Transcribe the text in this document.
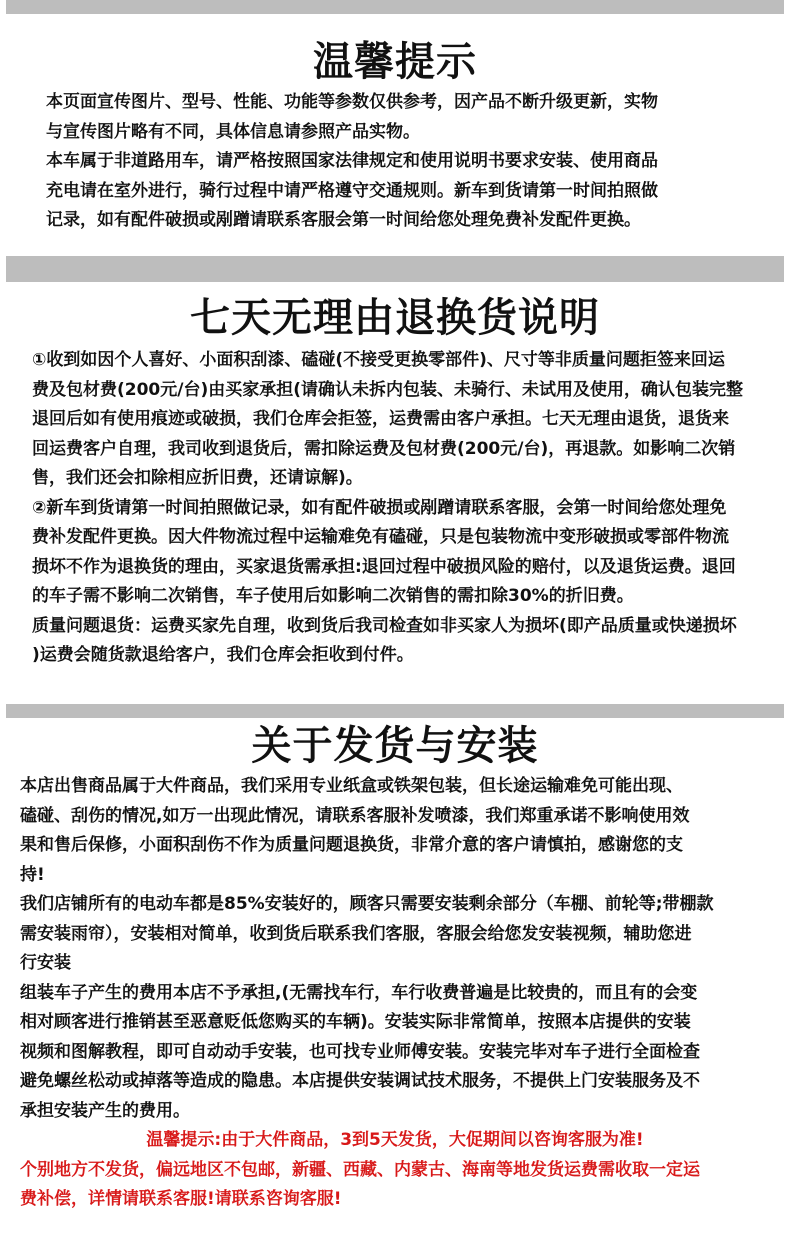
温馨提示

本页面宣传图片、型号、性能、功能等参数仅供参考，因产品不断升级更新，实物
与宣传图片略有不同，具体信息请参照产品实物。

本车属于非道路用车，请严格按照国家法律规定和使用说明书要求安装、使用商品
充电请在室外进行，骑行过程中请严格遵守交通规则。新车到货请第一时间拍照做
记录，如有配件破损或剐蹭请联系客服会第一时间给您处理免费补发配件更换。

七天无理由退换货说明

①收到如因个人喜好、小面积刮漆、磕碰(不接受更换零部件)、尺寸等非质量问题拒签来回运
费及包材费(200元/台)由买家承担(请确认未拆内包装、未骑行、未试用及使用，确认包装完整
退回后如有使用痕迹或破损，我们仓库会拒签，运费需由客户承担。七天无理由退货，退货来
回运费客户自理，我司收到退货后，需扣除运费及包材费(200元/台)，再退款。如影响二次销
售，我们还会扣除相应折旧费，还请谅解)。

②新车到货请第一时间拍照做记录，如有配件破损或剐蹭请联系客服，会第一时间给您处理免
费补发配件更换。因大件物流过程中运输难免有磕碰，只是包装物流中变形破损或零部件物流
损坏不作为退换货的理由，买家退货需承担:退回过程中破损风险的赔付，以及退货运费。退回
的车子需不影响二次销售，车子使用后如影响二次销售的需扣除30%的折旧费。

质量问题退货：运费买家先自理，收到货后我司检查如非买家人为损坏(即产品质量或快递损坏
)运费会随货款退给客户，我们仓库会拒收到付件。

关于发货与安装

本店出售商品属于大件商品，我们采用专业纸盒或铁架包装，但长途运输难免可能出现、
磕碰、刮伤的情况,如万一出现此情况，请联系客服补发喷漆，我们郑重承诺不影响使用效
果和售后保修，小面积刮伤不作为质量问题退换货，非常介意的客户请慎拍，感谢您的支
持!

我们店铺所有的电动车都是85%安装好的，顾客只需要安装剩余部分（车棚、前轮等;带棚款
需安装雨帘），安装相对简单，收到货后联系我们客服，客服会给您发安装视频，辅助您进
行安装

组装车子产生的费用本店不予承担,(无需找车行，车行收费普遍是比较贵的，而且有的会变
相对顾客进行推销甚至恶意贬低您购买的车辆)。安装实际非常简单，按照本店提供的安装
视频和图解教程，即可自动动手安装，也可找专业师傅安装。安装完毕对车子进行全面检查
避免螺丝松动或掉落等造成的隐患。本店提供安装调试技术服务，不提供上门安装服务及不
承担安装产生的费用。

温馨提示:由于大件商品，3到5天发货，大促期间以咨询客服为准!

个别地方不发货，偏远地区不包邮，新疆、西藏、内蒙古、海南等地发货运费需收取一定运
费补偿，详情请联系客服!请联系咨询客服!
